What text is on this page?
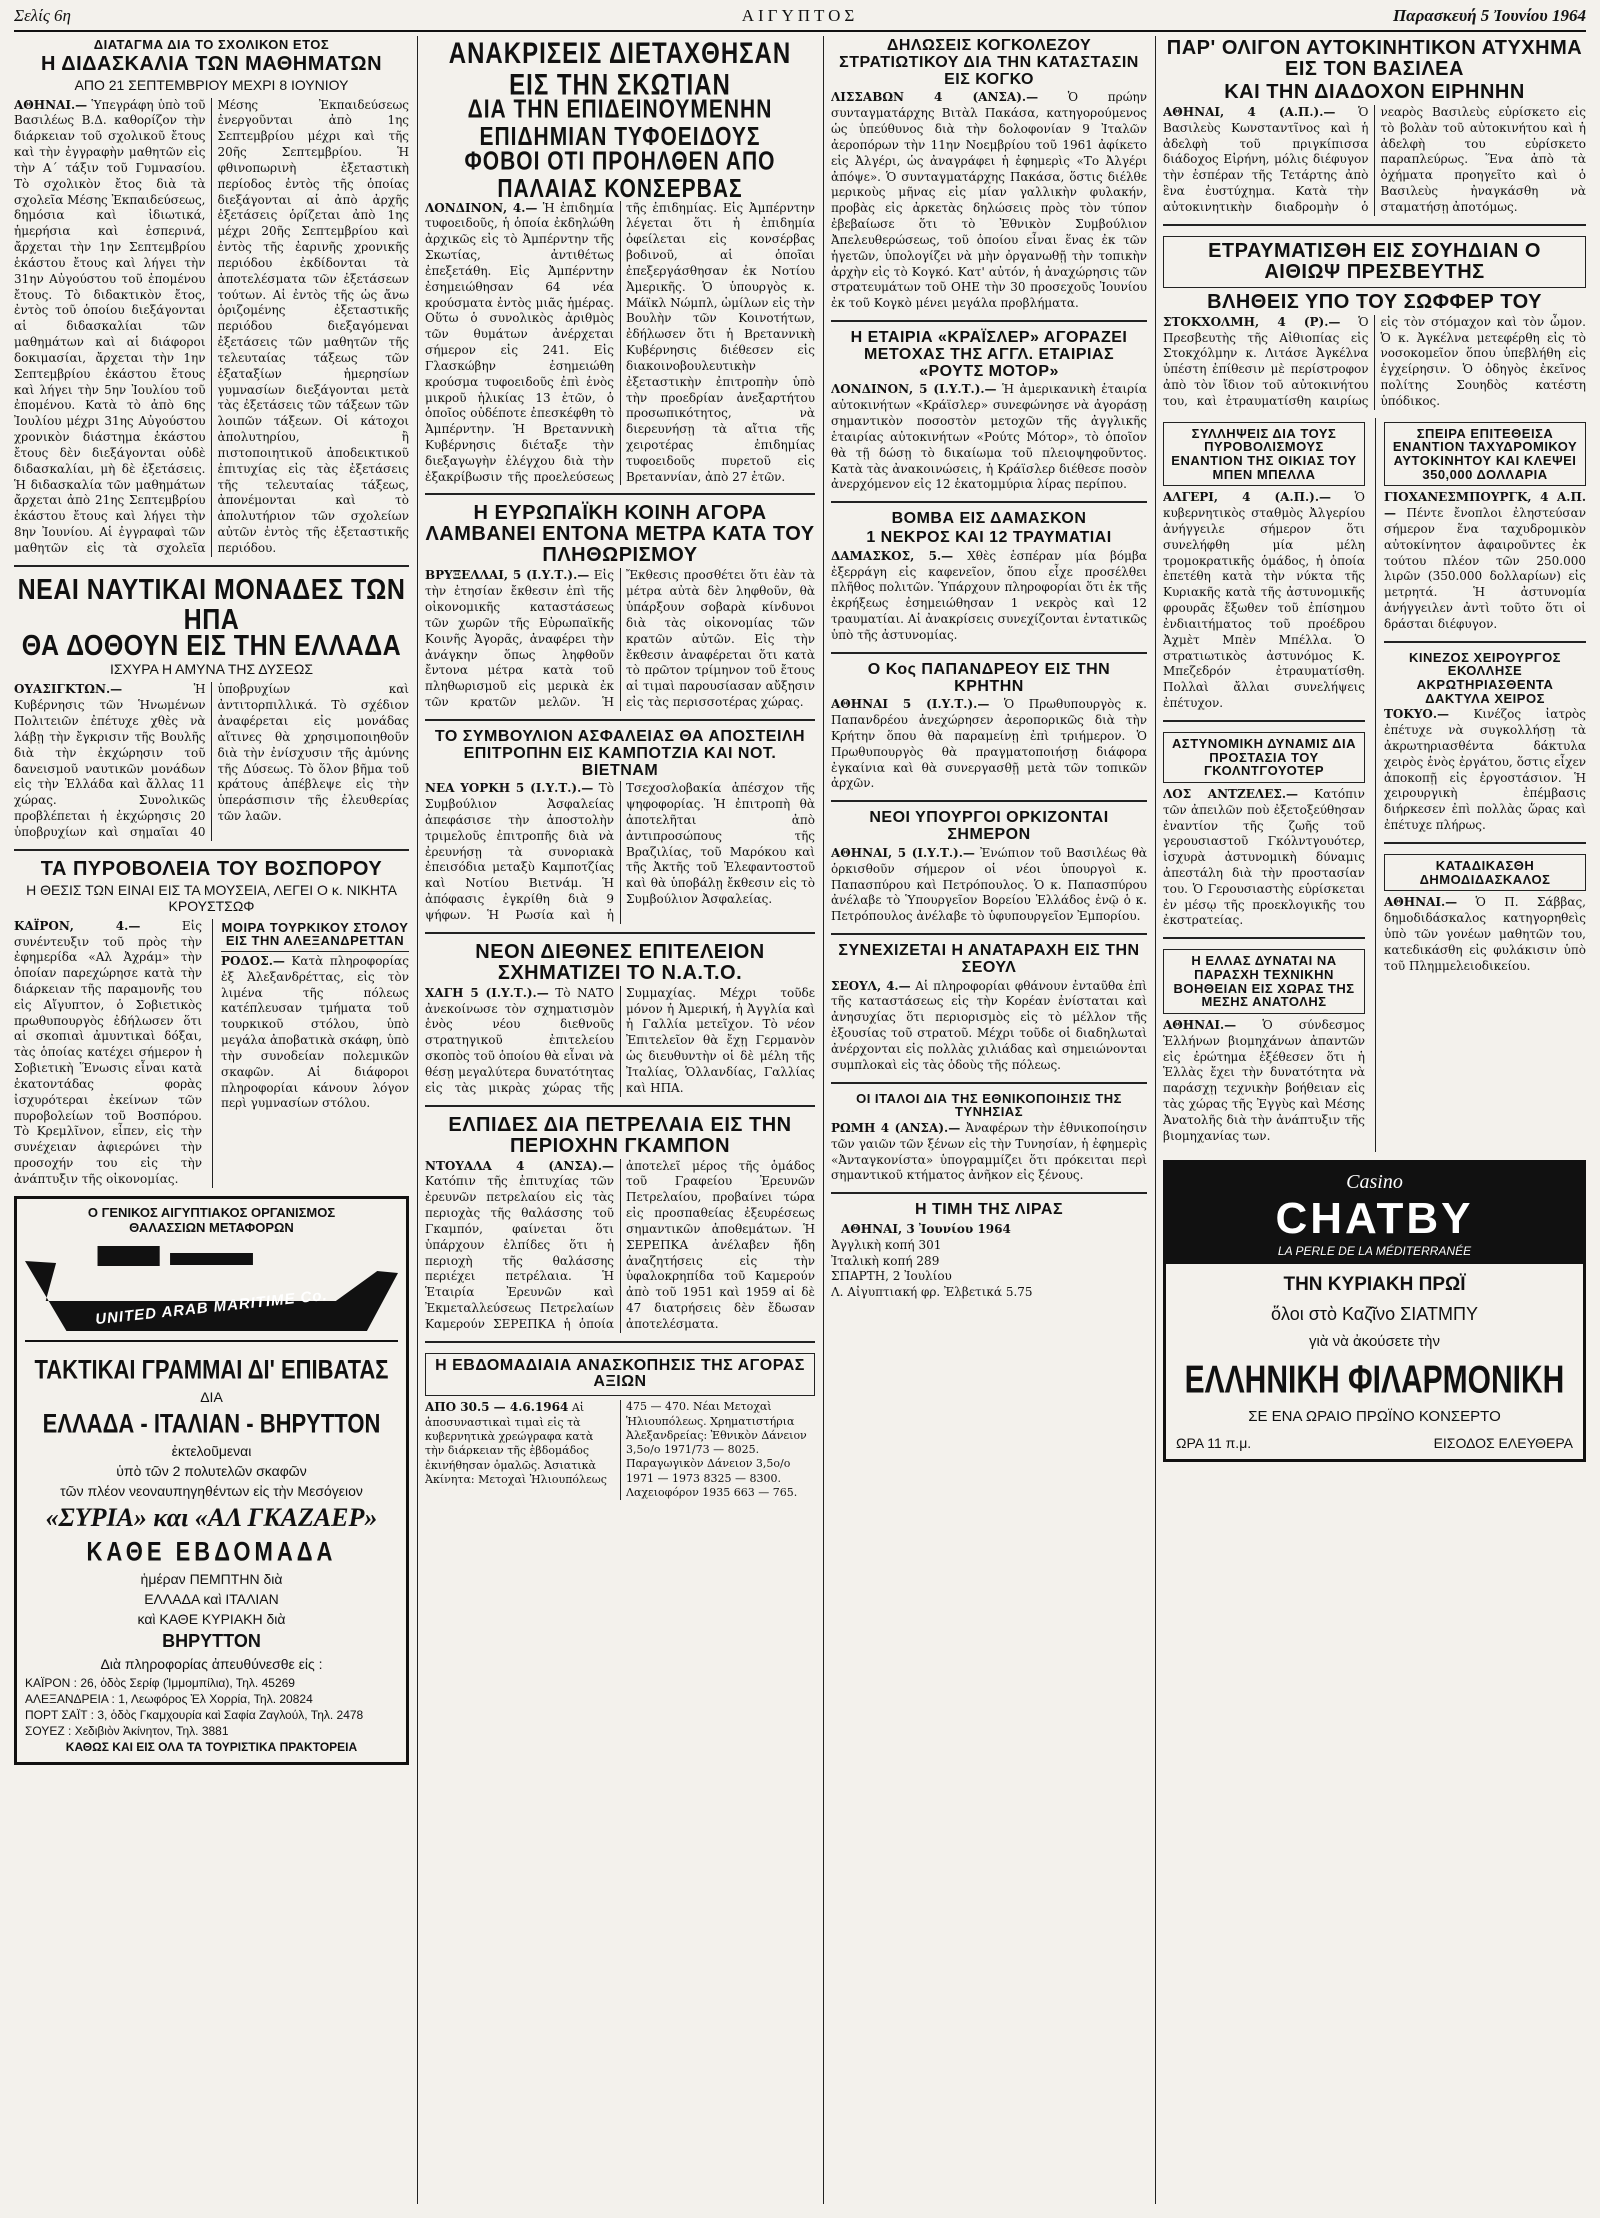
Σελίς 6η	ΑΙΓΥΠΤΟΣ	Παρασκευή 5 Ἰουνίου 1964
ΔΙΑΤΑΓΜΑ ΔΙΑ ΤΟ ΣΧΟΛΙΚΟΝ ΕΤΟΣ
Η ΔΙΔΑΣΚΑΛΙΑ ΤΩΝ ΜΑΘΗΜΑΤΩΝ
ΑΠΟ 21 ΣΕΠΤΕΜΒΡΙΟΥ ΜΕΧΡΙ 8 ΙΟΥΝΙΟΥ
ΑΘΗΝΑΙ.— Ὑπεγράφη ὑπὸ τοῦ Βασιλέως Β.Δ. καθορίζον τὴν διάρκειαν τοῦ σχολικοῦ ἔτους καὶ τὴν ἐγγραφὴν μαθητῶν εἰς τὴν Α΄ τάξιν τοῦ Γυμνασίου. Τὸ σχολικὸν ἔτος διὰ τὰ σχολεῖα Μέσης Ἐκπαιδεύσεως, δημόσια καὶ ἰδιωτικά, ἡμερήσια καὶ ἑσπερινά, ἄρχεται τὴν 1ην Σεπτεμβρίου ἑκάστου ἔτους καὶ λήγει τὴν 31ην Αὐγούστου τοῦ ἐπομένου ἔτους. Τὸ διδακτικὸν ἔτος, ἐντὸς τοῦ ὁποίου διεξάγονται αἱ διδασκαλίαι τῶν μαθημάτων καὶ αἱ διάφοροι δοκιμασίαι, ἄρχεται τὴν 1ην Σεπτεμβρίου ἑκάστου ἔτους καὶ λήγει τὴν 5ην Ἰουλίου τοῦ ἐπομένου. Κατὰ τὸ ἀπὸ 6ης Ἰουλίου μέχρι 31ης Αὐγούστου χρονικὸν διάστημα ἑκάστου ἔτους δὲν διεξάγονται οὐδὲ διδασκαλίαι, μὴ δὲ ἐξετάσεις. Ἡ διδασκαλία τῶν μαθημάτων ἄρχεται ἀπὸ 21ης Σεπτεμβρίου ἑκάστου ἔτους καὶ λήγει τὴν 8ην Ἰουνίου. Αἱ ἐγγραφαὶ τῶν μαθητῶν εἰς τὰ σχολεῖα Μέσης Ἐκπαιδεύσεως ἐνεργοῦνται ἀπὸ 1ης Σεπτεμβρίου μέχρι καὶ τῆς 20ῆς Σεπτεμβρίου. Ἡ φθινοπωρινὴ ἐξεταστικὴ περίοδος ἐντὸς τῆς ὁποίας διεξάγονται αἱ ἀπὸ ἀρχῆς ἐξετάσεις ὁρίζεται ἀπὸ 1ης μέχρι 20ῆς Σεπτεμβρίου καὶ ἐντὸς τῆς ἐαρινῆς χρονικῆς περιόδου ἐκδίδονται τὰ ἀποτελέσματα τῶν ἐξετάσεων τούτων. Αἱ ἐντὸς τῆς ὡς ἄνω ὁριζομένης ἐξεταστικῆς περιόδου διεξαγόμεναι ἐξετάσεις τῶν μαθητῶν τῆς τελευταίας τάξεως τῶν ἑξαταξίων ἡμερησίων γυμνασίων διεξάγονται μετὰ τὰς ἐξετάσεις τῶν τάξεων τῶν λοιπῶν τάξεων. Οἱ κάτοχοι ἀπολυτηρίου, ἢ πιστοποιητικοῦ ἀποδεικτικοῦ ἐπιτυχίας εἰς τὰς ἐξετάσεις τῆς τελευταίας τάξεως, ἀπονέμονται καὶ τὸ ἀπολυτήριον τῶν σχολείων αὐτῶν ἐντὸς τῆς ἐξεταστικῆς περιόδου.
ΝΕΑΙ ΝΑΥΤΙΚΑΙ ΜΟΝΑΔΕΣ ΤΩΝ ΗΠΑ
ΘΑ ΔΟΘΟΥΝ ΕΙΣ ΤΗΝ ΕΛΛΑΔΑ
ΙΣΧΥΡΑ Η ΑΜΥΝΑ ΤΗΣ ΔΥΣΕΩΣ
ΟΥΑΣΙΓΚΤΩΝ.—	Ἡ Κυβέρνησις τῶν Ἡνωμένων Πολιτειῶν ἐπέτυχε χθὲς νὰ λάβῃ τὴν ἔγκρισιν τῆς Βουλῆς διὰ τὴν ἐκχώρησιν τοῦ δανεισμοῦ ναυτικῶν μονάδων εἰς τὴν Ἑλλάδα καὶ ἄλλας 11 χώρας. Συνολικῶς προβλέπεται ἡ ἐκχώρησις 20 ὑποβρυχίων καὶ σημαῖαι 40 ὑποβρυχίων καὶ ἀντιτορπιλλικά. Τὸ σχέδιον ἀναφέρεται εἰς μονάδας αἵτινες θὰ χρησιμοποιηθοῦν διὰ τὴν ἐνίσχυσιν τῆς ἀμύνης τῆς Δύσεως. Τὸ ὅλον βῆμα τοῦ κράτους ἀπέβλεψε εἰς τὴν ὑπεράσπισιν τῆς ἐλευθερίας τῶν λαῶν.
ΤΑ ΠΥΡΟΒΟΛΕΙΑ ΤΟΥ ΒΟΣΠΟΡΟΥ
Η ΘΕΣΙΣ ΤΩΝ ΕΙΝΑΙ ΕΙΣ ΤΑ ΜΟΥΣΕΙΑ, ΛΕΓΕΙ Ο κ. ΝΙΚΗΤΑ ΚΡΟΥΣΤΣΩΦ
ΚΑΪΡΟΝ, 4.—	Εἰς συνέντευξιν τοῦ πρὸς τὴν ἐφημερίδα «Αλ Ἀχράμ» τὴν ὁποίαν παρεχώρησε κατὰ τὴν διάρκειαν τῆς παραμονῆς του εἰς Αἴγυπτον, ὁ Σοβιετικὸς πρωθυπουργὸς ἐδήλωσεν ὅτι αἱ σκοπιαὶ ἀμυντικαὶ δόξαι, τὰς ὁποίας κατέχει σήμερον ἡ Σοβιετικὴ Ἕνωσις εἶναι κατὰ ἑκατοντάδας φορὰς ἰσχυρότεραι ἐκείνων τῶν πυροβολείων τοῦ Βοσπόρου. Τὸ Κρεμλῖνον, εἶπεν, εἰς τὴν συνέχειαν ἀφιερώνει τὴν προσοχήν του εἰς τὴν ἀνάπτυξιν τῆς οἰκονομίας.
ΜΟΙΡΑ ΤΟΥΡΚΙΚΟΥ ΣΤΟΛΟΥ ΕΙΣ ΤΗΝ ΑΛΕΞΑΝΔΡΕΤΤΑΝ
ΡΟΔΟΣ.— Κατὰ πληροφορίας ἐξ Ἀλεξανδρέττας, εἰς τὸν λιμένα τῆς πόλεως κατέπλευσαν τμήματα τοῦ τουρκικοῦ στόλου, ὑπὸ μεγάλα ἀποβατικὰ σκάφη, ὑπὸ τὴν συνοδείαν πολεμικῶν σκαφῶν. Αἱ διάφοροι πληροφορίαι κάνουν λόγον περὶ γυμνασίων στόλου.
Ο ΓΕΝΙΚΟΣ ΑΙΓΥΠΤΙΑΚΟΣ ΟΡΓΑΝΙΣΜΟΣ
ΘΑΛΑΣΣΙΩΝ ΜΕΤΑΦΟΡΩΝ
UNITED ARAB MARITIME Co.
ΤΑΚΤΙΚΑΙ ΓΡΑΜΜΑΙ ΔΙ' ΕΠΙΒΑΤΑΣ
ΔΙΑ
ΕΛΛΑΔΑ - ΙΤΑΛΙΑΝ - ΒΗΡΥΤΤΟΝ
ἐκτελοῦμεναι
ὑπὸ τῶν 2 πολυτελῶν σκαφῶν
τῶν πλέον νεοναυπηγηθέντων εἰς τὴν Μεσόγειον
«ΣΥΡΙΑ» και «ΑΛ ΓΚΑΖΑΕΡ»
ΚΑΘΕ ΕΒΔΟΜΑΔΑ
ἡμέραν ΠΕΜΠΤΗΝ διὰ
ΕΛΛΑΔΑ καὶ ΙΤΑΛΙΑΝ
καὶ ΚΑΘΕ ΚΥΡΙΑΚΗ διὰ
ΒΗΡΥΤΤΟΝ
Διὰ πληροφορίας ἀπευθύνεσθε εἰς :
ΚΑΪΡΟΝ : 26, ὁδὸς Σερίφ (Ἰμμομπίλια), Τηλ. 45269
ΑΛΕΞΑΝΔΡΕΙΑ : 1, Λεωφόρος Ἐλ Χορρία, Τηλ. 20824
ΠΟΡΤ ΣΑΪΤ : 3, ὁδὸς Γκαμχουρία καὶ Σαφία Ζαγλούλ, Τηλ. 2478
ΣΟΥΕΖ : Χεδιβιὸν Ἀκίνητον, Τηλ. 3881
ΚΑΘΩΣ ΚΑΙ ΕΙΣ ΟΛΑ ΤΑ ΤΟΥΡΙΣΤΙΚΑ ΠΡΑΚΤΟΡΕΙΑ
ΑΝΑΚΡΙΣΕΙΣ ΔΙΕΤΑΧΘΗΣΑΝ ΕΙΣ ΤΗΝ ΣΚΩΤΙΑΝ
ΔΙΑ ΤΗΝ ΕΠΙΔΕΙΝΟΥΜΕΝΗΝ ΕΠΙΔΗΜΙΑΝ ΤΥΦΟΕΙΔΟΥΣ
ΦΟΒΟΙ ΟΤΙ ΠΡΟΗΛΘΕΝ ΑΠΟ ΠΑΛΑΙΑΣ ΚΟΝΣΕΡΒΑΣ
ΛΟΝΔΙΝΟΝ, 4.— Ἡ ἐπιδημία τυφοειδοῦς, ἡ ὁποία ἐκδηλώθη ἀρχικῶς εἰς τὸ Ἀμπέρντην τῆς Σκωτίας, ἀντιθέτως ἐπεξετάθη. Εἰς Ἀμπέρντην ἐσημειώθησαν 64 νέα κρούσματα ἐντὸς μιᾶς ἡμέρας. Οὕτω ὁ συνολικὸς ἀριθμὸς τῶν θυμάτων ἀνέρχεται σήμερον εἰς 241. Εἰς Γλασκώβην ἐσημειώθη κρούσμα τυφοειδοῦς ἐπὶ ἑνὸς μικροῦ ἡλικίας 13 ἐτῶν, ὁ ὁποῖος οὐδέποτε ἐπεσκέφθη τὸ Ἀμπέρντην. Ἡ Βρεταννικὴ Κυβέρνησις διέταξε τὴν διεξαγωγὴν ἐλέγχου διὰ τὴν ἐξακρίβωσιν τῆς προελεύσεως τῆς ἐπιδημίας. Εἰς Ἀμπέρντην λέγεται ὅτι ἡ ἐπιδημία ὀφείλεται εἰς κονσέρβας βοδινοῦ, αἱ ὁποῖαι ἐπεξεργάσθησαν ἐκ Νοτίου Ἀμερικῆς. Ὁ ὑπουργὸς κ. Μάϊκλ Νώμπλ, ὡμίλων εἰς τὴν Βουλὴν τῶν Κοινοτήτων, ἐδήλωσεν ὅτι ἡ Βρεταννικὴ Κυβέρνησις διέθεσεν εἰς διακοινοβουλευτικὴν ἐξεταστικὴν ἐπιτροπὴν ὑπὸ τὴν προεδρίαν ἀνεξαρτήτου προσωπικότητος, νὰ διερευνήσῃ τὰ αἴτια τῆς χειροτέρας ἐπιδημίας τυφοειδοῦς πυρετοῦ εἰς Βρεταννίαν, ἀπὸ 27 ἐτῶν.
Η ΕΥΡΩΠΑΪΚΗ ΚΟΙΝΗ ΑΓΟΡΑ ΛΑΜΒΑΝΕΙ ΕΝΤΟΝΑ ΜΕΤΡΑ ΚΑΤΑ ΤΟΥ ΠΛΗΘΩΡΙΣΜΟΥ
ΒΡΥΞΕΛΛΑΙ, 5 (Ι.Υ.Τ.).— Εἰς τὴν ἐτησίαν ἔκθεσιν ἐπὶ τῆς οἰκονομικῆς καταστάσεως τῶν χωρῶν τῆς Εὐρωπαϊκῆς Κοινῆς Ἀγορᾶς, ἀναφέρει τὴν ἀνάγκην ὅπως ληφθοῦν ἔντονα μέτρα κατὰ τοῦ πληθωρισμοῦ εἰς μερικὰ ἐκ τῶν κρατῶν μελῶν. Ἡ Ἔκθεσις προσθέτει ὅτι ἐὰν τὰ μέτρα αὐτὰ δὲν ληφθοῦν, θὰ ὑπάρξουν σοβαρὰ κίνδυνοι διὰ τὰς οἰκονομίας τῶν κρατῶν αὐτῶν. Εἰς τὴν ἔκθεσιν ἀναφέρεται ὅτι κατὰ τὸ πρῶτον τρίμηνον τοῦ ἔτους αἱ τιμαὶ παρουσίασαν αὔξησιν εἰς τὰς περισσοτέρας χώρας.
ΤΟ ΣΥΜΒΟΥΛΙΟΝ ΑΣΦΑΛΕΙΑΣ ΘΑ ΑΠΟΣΤΕΙΛΗ ΕΠΙΤΡΟΠΗΝ ΕΙΣ ΚΑΜΠΟΤΖΙΑ ΚΑΙ ΝΟΤ. ΒΙΕΤΝΑΜ
ΝΕΑ ΥΟΡΚΗ 5 (Ι.Υ.Τ.).— Τὸ Συμβούλιον Ἀσφαλείας ἀπεφάσισε τὴν ἀποστολὴν τριμελοῦς ἐπιτροπῆς διὰ νὰ ἐρευνήσῃ τὰ συνοριακὰ ἐπεισόδια μεταξὺ Καμποτζίας καὶ Νοτίου Βιετνάμ. Ἡ ἀπόφασις ἐγκρίθη διὰ 9 ψήφων. Ἡ Ρωσία καὶ ἡ Τσεχοσλοβακία ἀπέσχον τῆς ψηφοφορίας. Ἡ ἐπιτροπὴ θὰ ἀποτελῆται ἀπὸ ἀντιπροσώπους τῆς Βραζιλίας, τοῦ Μαρόκου καὶ τῆς Ἀκτῆς τοῦ Ἐλεφαντοστοῦ καὶ θὰ ὑποβάλῃ ἔκθεσιν εἰς τὸ Συμβούλιον Ἀσφαλείας.
ΝΕΟΝ ΔΙΕΘΝΕΣ ΕΠΙΤΕΛΕΙΟΝ ΣΧΗΜΑΤΙΖΕΙ ΤΟ Ν.Α.Τ.Ο.
ΧΑΓΗ 5 (Ι.Υ.Τ.).— Τὸ ΝΑΤΟ ἀνεκοίνωσε τὸν σχηματισμὸν ἑνὸς νέου διεθνοῦς στρατηγικοῦ ἐπιτελείου σκοπὸς τοῦ ὁποίου θὰ εἶναι νὰ θέσῃ μεγαλύτερα δυνατότητας εἰς τὰς μικρὰς χώρας τῆς Συμμαχίας. Μέχρι τοῦδε μόνον ἡ Ἀμερική, ἡ Ἀγγλία καὶ ἡ Γαλλία μετεῖχον. Τὸ νέον Ἐπιτελεῖον θὰ ἔχῃ Γερμανὸν ὡς διευθυντὴν οἱ δὲ μέλη τῆς Ἰταλίας, Ὁλλανδίας, Γαλλίας καὶ ΗΠΑ.
ΕΛΠΙΔΕΣ ΔΙΑ ΠΕΤΡΕΛΑΙΑ ΕΙΣ ΤΗΝ ΠΕΡΙΟΧΗΝ ΓΚΑΜΠΟΝ
ΝΤΟΥΑΛΑ 4 (ΑΝΣΑ).— Κατόπιν τῆς ἐπιτυχίας τῶν ἐρευνῶν πετρελαίου εἰς τὰς περιοχὰς τῆς θαλάσσης τοῦ Γκαμπόν, φαίνεται ὅτι ὑπάρχουν ἐλπίδες ὅτι ἡ περιοχὴ τῆς θαλάσσης περιέχει πετρέλαια. Ἡ Ἑταιρία Ἐρευνῶν καὶ Ἐκμεταλλεύσεως Πετρελαίων Καμερούν ΣΕΡΕΠΚΑ ἡ ὁποία ἀποτελεῖ μέρος τῆς ὁμάδος τοῦ Γραφείου Ἐρευνῶν Πετρελαίου, προβαίνει τώρα εἰς προσπαθείας ἐξευρέσεως σημαντικῶν ἀποθεμάτων. Ἡ ΣΕΡΕΠΚΑ ἀνέλαβεν ἤδη ἀναζητήσεις εἰς τὴν ὑφαλοκρηπίδα τοῦ Καμερούν ἀπὸ τοῦ 1951 καὶ 1959 αἱ δὲ 47 διατρήσεις δὲν ἔδωσαν ἀποτελέσματα.
Η ΕΒΔΟΜΑΔΙΑΙΑ ΑΝΑΣΚΟΠΗΣΙΣ ΤΗΣ ΑΓΟΡΑΣ ΑΞΙΩΝ
ΑΠΟ 30.5 — 4.6.1964 Αἱ ἀποσυναστικαὶ τιμαὶ εἰς τὰ κυβερνητικὰ χρεώγραφα κατὰ τὴν διάρκειαν τῆς ἑβδομάδος ἐκινήθησαν ὁμαλῶς. Ἀσιατικὰ Ἀκίνητα: Μετοχαὶ Ἡλιουπόλεως 475 — 470. Νέαι Μετοχαὶ Ἡλιουπόλεως. Χρηματιστήρια Ἀλεξανδρείας: Ἐθνικὸν Δάνειον 3,5ο/ο 1971/73 — 8025. Παραγωγικὸν Δάνειον 3,5ο/ο 1971 — 1973 8325 — 8300. Λαχειοφόρον 1935 663 — 765.
ΔΗΛΩΣΕΙΣ ΚΟΓΚΟΛΕΖΟΥ ΣΤΡΑΤΙΩΤΙΚΟΥ ΔΙΑ ΤΗΝ ΚΑΤΑΣΤΑΣΙΝ ΕΙΣ ΚΟΓΚΟ
ΛΙΣΣΑΒΩΝ 4 (ΑΝΣΑ).— Ὁ πρώην συνταγματάρχης Βιτὰλ Πακάσα, κατηγορούμενος ὡς ὑπεύθυνος διὰ τὴν δολοφονίαν 9 Ἰταλῶν ἀεροπόρων τὴν 11ην Νοεμβρίου τοῦ 1961 ἀφίκετο εἰς Ἀλγέρι, ὡς ἀναγράφει ἡ ἐφημερὶς «Το Ἀλγέρι ἀπόψε». Ὁ συνταγματάρχης Πακάσα, ὅστις διέλθε μερικοὺς μῆνας εἰς μίαν γαλλικὴν φυλακήν, προβὰς εἰς ἀρκετὰς δηλώσεις πρὸς τὸν τύπον ἐβεβαίωσε ὅτι τὸ Ἐθνικὸν Συμβούλιον Ἀπελευθερώσεως, τοῦ ὁποίου εἶναι ἕνας ἐκ τῶν ἡγετῶν, ὑπολογίζει νὰ μὴν ὀργανωθῇ τὴν τοπικὴν ἀρχὴν εἰς τὸ Κογκό. Κατ' αὐτόν, ἡ ἀναχώρησις τῶν στρατευμάτων τοῦ ΟΗΕ τὴν 30 προσεχοῦς Ἰουνίου ἐκ τοῦ Κογκὸ μένει μεγάλα προβλήματα.
Η ΕΤΑΙΡΙΑ «ΚΡΑΪΣΛΕΡ» ΑΓΟΡΑΖΕΙ ΜΕΤΟΧΑΣ ΤΗΣ ΑΓΓΛ. ΕΤΑΙΡΙΑΣ «ΡΟΥΤΣ ΜΟΤΟΡ»
ΛΟΝΔΙΝΟΝ, 5 (Ι.Υ.Τ.).— Ἡ ἀμερικανικὴ ἑταιρία αὐτοκινήτων «Κράϊσλερ» συνεφώνησε νὰ ἀγοράσῃ σημαντικὸν ποσοστὸν μετοχῶν τῆς ἀγγλικῆς ἑταιρίας αὐτοκινήτων «Ρούτς Μότορ», τὸ ὁποῖον θὰ τῇ δώσῃ τὸ δικαίωμα τοῦ πλειοψηφοῦντος. Κατὰ τὰς ἀνακοινώσεις, ἡ Κράϊσλερ διέθεσε ποσὸν ἀνερχόμενον εἰς 12 ἑκατομμύρια λίρας περίπου.
ΒΟΜΒΑ ΕΙΣ ΔΑΜΑΣΚΟΝ
1 ΝΕΚΡΟΣ ΚΑΙ 12 ΤΡΑΥΜΑΤΙΑΙ
ΔΑΜΑΣΚΟΣ, 5.— Χθὲς ἑσπέραν μία βόμβα ἐξερράγη εἰς καφενεῖον, ὅπου εἶχε προσέλθει πλῆθος πολιτῶν. Ὑπάρχουν πληροφορίαι ὅτι ἐκ τῆς ἐκρήξεως ἐσημειώθησαν 1 νεκρὸς καὶ 12 τραυματίαι. Αἱ ἀνακρίσεις συνεχίζονται ἐντατικῶς ὑπὸ τῆς ἀστυνομίας.
Ο Κος ΠΑΠΑΝΔΡΕΟΥ ΕΙΣ ΤΗΝ ΚΡΗΤΗΝ
ΑΘΗΝΑΙ 5 (Ι.Υ.Τ.).— Ὁ Πρωθυπουργὸς κ. Παπανδρέου ἀνεχώρησεν ἀεροπορικῶς διὰ τὴν Κρήτην ὅπου θὰ παραμείνῃ ἐπὶ τριήμερον. Ὁ Πρωθυπουργὸς θὰ πραγματοποιήσῃ διάφορα ἐγκαίνια καὶ θὰ συνεργασθῇ μετὰ τῶν τοπικῶν ἀρχῶν.
ΝΕΟΙ ΥΠΟΥΡΓΟΙ ΟΡΚΙΖΟΝΤΑΙ ΣΗΜΕΡΟΝ
ΑΘΗΝΑΙ, 5 (Ι.Υ.Τ.).— Ἐνώπιον τοῦ Βασιλέως θὰ ὁρκισθοῦν σήμερον οἱ νέοι ὑπουργοὶ κ. Παπασπύρου καὶ Πετρόπουλος. Ὁ κ. Παπασπύρου ἀνέλαβε τὸ Ὑπουργεῖον Βορείου Ἑλλάδος ἐνῷ ὁ κ. Πετρόπουλος ἀνέλαβε τὸ ὑφυπουργεῖον Ἐμπορίου.
ΣΥΝΕΧΙΖΕΤΑΙ Η ΑΝΑΤΑΡΑΧΗ ΕΙΣ ΤΗΝ ΣΕΟΥΛ
ΣΕΟΥΛ, 4.— Αἱ πληροφορίαι φθάνουν ἐνταῦθα ἐπὶ τῆς καταστάσεως εἰς τὴν Κορέαν ἐνίσταται καὶ ἀνησυχίας ὅτι περιορισμὸς εἰς τὸ μέλλον τῆς ἐξουσίας τοῦ στρατοῦ. Μέχρι τοῦδε οἱ διαδηλωταὶ ἀνέρχονται εἰς πολλὰς χιλιάδας καὶ σημειώνονται συμπλοκαὶ εἰς τὰς ὁδοὺς τῆς πόλεως.
ΟΙ ΙΤΑΛΟΙ ΔΙΑ ΤΗΣ ΕΘΝΙΚΟΠΟΙΗΣΙΣ ΤΗΣ ΤΥΝΗΣΙΑΣ
ΡΩΜΗ 4 (ΑΝΣΑ).— Ἀναφέρων τὴν ἐθνικοποίησιν τῶν γαιῶν τῶν ξένων εἰς τὴν Τυνησίαν, ἡ ἐφημερὶς «Ἀνταγκονίστα» ὑπογραμμίζει ὅτι πρόκειται περὶ σημαντικοῦ κτήματος ἀνῆκον εἰς ξένους.
Η ΤΙΜΗ ΤΗΣ ΛΙΡΑΣ
ΑΘΗΝΑΙ, 3 Ἰουνίου 1964
Ἀγγλικὴ κοπή 301
Ἰταλικὴ κοπή 289
ΣΠΑΡΤΗ, 2 Ἰουλίου
Λ. Αἰγυπτιακή φρ. Ἐλβετικά 5.75
ΠΑΡ' ΟΛΙΓΟΝ ΑΥΤΟΚΙΝΗΤΙΚΟΝ ΑΤΥΧΗΜΑ ΕΙΣ ΤΟΝ ΒΑΣΙΛΕΑ
ΚΑΙ ΤΗΝ ΔΙΑΔΟΧΟΝ ΕΙΡΗΝΗΝ
ΑΘΗΝΑΙ, 4 (Α.Π.).— Ὁ Βασιλεὺς Κωνσταντῖνος καὶ ἡ ἀδελφὴ τοῦ πριγκίπισσα διάδοχος Εἰρήνη, μόλις διέφυγον τὴν ἑσπέραν τῆς Τετάρτης ἀπὸ ἓνα ἐυστύχημα. Κατὰ τὴν αὐτοκινητικὴν διαδρομὴν ὁ νεαρὸς Βασιλεὺς εὑρίσκετο εἰς τὸ βολὰν τοῦ αὐτοκινήτου καὶ ἡ ἀδελφὴ του εὑρίσκετο παραπλεύρως. Ἕνα ἀπὸ τὰ ὀχήματα προηγεῖτο καὶ ὁ Βασιλεὺς ἠναγκάσθη νὰ σταματήσῃ ἀποτόμως.
ΕΤΡΑΥΜΑΤΙΣΘΗ ΕΙΣ ΣΟΥΗΔΙΑΝ Ο ΑΙΘΙΩΨ ΠΡΕΣΒΕΥΤΗΣ
ΒΛΗΘΕΙΣ ΥΠΟ ΤΟΥ ΣΩΦΦΕΡ ΤΟΥ
ΣΤΟΚΧΟΛΜΗ, 4 (Ρ).— Ὁ Πρεσβευτὴς τῆς Αἰθιοπίας εἰς Στοκχόλμην κ. Λιτάσε Ἀγκέλνα ὑπέστη ἐπίθεσιν μὲ περίστροφον ἀπὸ τὸν ἴδιον τοῦ αὐτοκινήτου του, καὶ ἐτραυματίσθη καιρίως εἰς τὸν στόμαχον καὶ τὸν ὦμον. Ὁ κ. Ἀγκέλνα μετεφέρθη εἰς τὸ νοσοκομεῖον ὅπου ὑπεβλήθη εἰς ἐγχείρησιν. Ὁ ὁδηγὸς ἐκεῖνος πολίτης Σουηδὸς κατέστη ὑπόδικος.
ΣΥΛΛΗΨΕΙΣ ΔΙΑ ΤΟΥΣ ΠΥΡΟΒΟΛΙΣΜΟΥΣ ΕΝΑΝΤΙΟΝ ΤΗΣ ΟΙΚΙΑΣ ΤΟΥ ΜΠΕΝ ΜΠΕΛΛΑ
ΑΛΓΕΡΙ, 4 (Α.Π.).— Ὁ κυβερνητικὸς σταθμὸς Ἀλγερίου ἀνήγγειλε σήμερον ὅτι συνελήφθη μία μέλη τρομοκρατικῆς ὁμάδος, ἡ ὁποία ἐπετέθη κατὰ τὴν νύκτα τῆς Κυριακῆς κατὰ τῆς ἀστυνομικῆς φρουρᾶς ἔξωθεν τοῦ ἐπίσημου ἐνδιαιτήματος τοῦ προέδρου Ἀχμὲτ Μπὲν Μπέλλα. Ὁ στρατιωτικὸς ἀστυνόμος Κ. Μπεζεδρόν ἐτραυματίσθη. Πολλαὶ ἄλλαι συνελήψεις ἐπέτυχον.
ΑΣΤΥΝΟΜΙΚΗ ΔΥΝΑΜΙΣ ΔΙΑ ΠΡΟΣΤΑΣΙΑ ΤΟΥ ΓΚΟΛΝΤΓΟΥΟΤΕΡ
ΛΟΣ ΑΝΤΖΕΛΕΣ.— Κατόπιν τῶν ἀπειλῶν ποὺ ἐξετοξεύθησαν ἐναντίον τῆς ζωῆς τοῦ γερουσιαστοῦ Γκόλντγουότερ, ἰσχυρὰ ἀστυνομικὴ δύναμις ἀπεστάλη διὰ τὴν προστασίαν του. Ὁ Γερουσιαστὴς εὑρίσκεται ἐν μέσῳ τῆς προεκλογικῆς του ἐκστρατείας.
Η ΕΛΛΑΣ ΔΥΝΑΤΑΙ ΝΑ ΠΑΡΑΣΧΗ ΤΕΧΝΙΚΗΝ ΒΟΗΘΕΙΑΝ ΕΙΣ ΧΩΡΑΣ ΤΗΣ ΜΕΣΗΣ ΑΝΑΤΟΛΗΣ
ΑΘΗΝΑΙ.— Ὁ σύνδεσμος Ἑλλήνων βιομηχάνων ἀπαντῶν εἰς ἐρώτημα ἐξέθεσεν ὅτι ἡ Ἑλλὰς ἔχει τὴν δυνατότητα νὰ παράσχῃ τεχνικὴν βοήθειαν εἰς τὰς χώρας τῆς Ἐγγὺς καὶ Μέσης Ἀνατολῆς διὰ τὴν ἀνάπτυξιν τῆς βιομηχανίας των.
ΣΠΕΙΡΑ ΕΠΙΤΕΘΕΙΣΑ ΕΝΑΝΤΙΟΝ ΤΑΧΥΔΡΟΜΙΚΟΥ ΑΥΤΟΚΙΝΗΤΟΥ ΚΑΙ ΚΛΕΨΕΙ 350,000 ΔΟΛΛΑΡΙΑ
ΓΙΟΧΑΝΕΣΜΠΟΥΡΓΚ, 4 Α.Π.— Πέντε ἔνοπλοι ἐληστεύσαν σήμερον ἕνα ταχυδρομικὸν αὐτοκίνητον ἀφαιροῦντες ἐκ τούτου πλέον τῶν 250.000 λιρῶν (350.000 δολλαρίων) εἰς μετρητά. Ἡ ἀστυνομία ἀνήγγειλεν ἀντὶ τοῦτο ὅτι οἱ δράσται διέφυγον.
ΚΙΝΕΖΟΣ ΧΕΙΡΟΥΡΓΟΣ ΕΚΟΛΛΗΣΕ ΑΚΡΩΤΗΡΙΑΣΘΕΝΤΑ ΔΑΚΤΥΛΑ ΧΕΙΡΟΣ
ΤΟΚΥΟ.— Κινέζος ἰατρὸς ἐπέτυχε νὰ συγκολλήσῃ τὰ ἀκρωτηριασθέντα δάκτυλα χειρὸς ἑνὸς ἐργάτου, ὅστις εἶχεν ἀποκοπῇ εἰς ἐργοστάσιον. Ἡ χειρουργικὴ ἐπέμβασις διήρκεσεν ἐπὶ πολλὰς ὥρας καὶ ἐπέτυχε πλήρως.
ΚΑΤΑΔΙΚΑΣΘΗ ΔΗΜΟΔΙΔΑΣΚΑΛΟΣ
ΑΘΗΝΑΙ.— Ὁ Π. Σάββας, δημοδιδάσκαλος κατηγορηθεὶς ὑπὸ τῶν γονέων μαθητῶν του, κατεδικάσθη εἰς φυλάκισιν ὑπὸ τοῦ Πλημμελειοδικείου.
Casino
CHATBY
LA PERLE DE LA MÉDITERRANÉE
ΤΗΝ ΚΥΡΙΑΚΗ ΠΡΩΪ
ὅλοι στὸ Καζῖνο ΣΙΑΤΜΠΥ
γιὰ νὰ ἀκούσετε τὴν
ΕΛΛΗΝΙΚΗ ΦΙΛΑΡΜΟΝΙΚΗ
ΣΕ ΕΝΑ ΩΡΑΙΟ ΠΡΩΪΝΟ ΚΟΝΣΕΡΤΟ
ΩΡΑ 11 π.μ.	ΕΙΣΟΔΟΣ ΕΛΕΥΘΕΡΑ
